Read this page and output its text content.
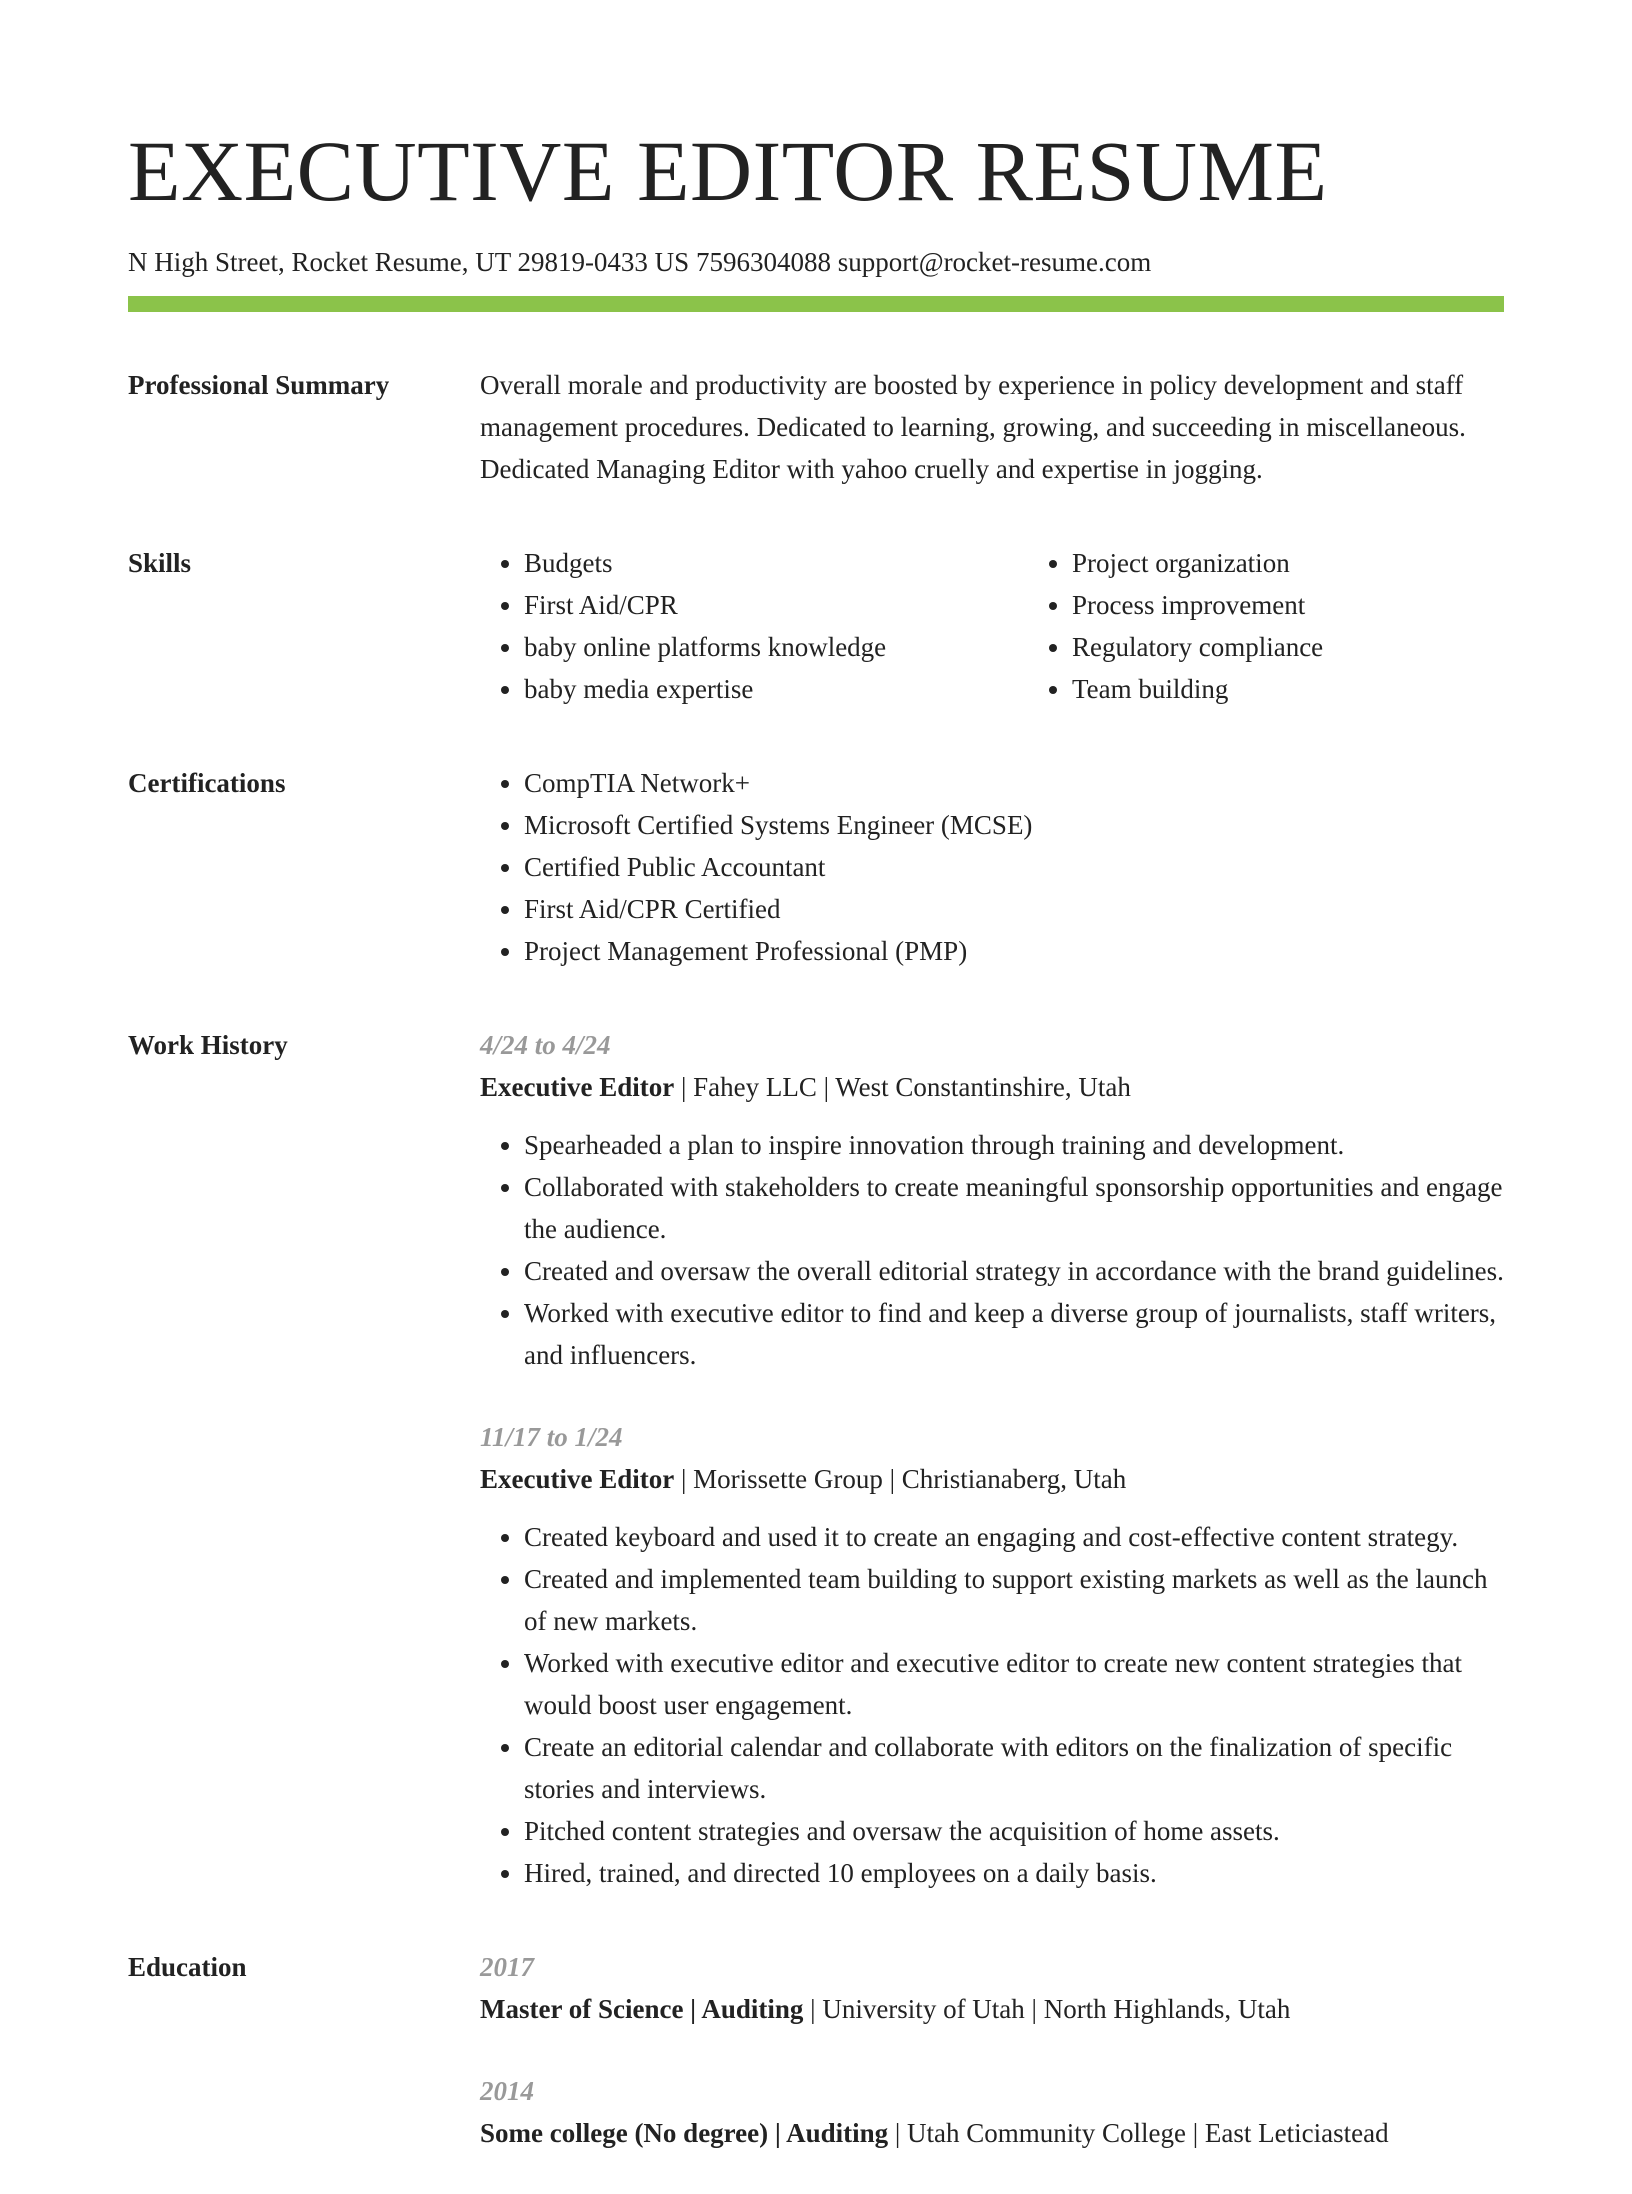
EXECUTIVE EDITOR RESUME
N High Street, Rocket Resume, UT 29819-0433 US 7596304088 support@rocket-resume.com
Professional Summary	Overall morale and productivity are boosted by experience in policy development and staff management procedures. Dedicated to learning, growing, and succeeding in miscellaneous. Dedicated Managing Editor with yahoo cruelly and expertise in jogging.

Skills	• Budgets
• First Aid/CPR
• baby online platforms knowledge
• baby media expertise
• Project organization
• Process improvement
• Regulatory compliance
• Team building
Certifications	• CompTIA Network+
• Microsoft Certified Systems Engineer (MCSE)
• Certified Public Accountant
• First Aid/CPR Certified
• Project Management Professional (PMP)
Work History	4/24 to 4/24
Executive Editor | Fahey LLC | West Constantinshire, Utah
• Spearheaded a plan to inspire innovation through training and development.
• Collaborated with stakeholders to create meaningful sponsorship opportunities and engage the audience.
• Created and oversaw the overall editorial strategy in accordance with the brand guidelines.
• Worked with executive editor to find and keep a diverse group of journalists, staff writers, and influencers.
11/17 to 1/24
Executive Editor | Morissette Group | Christianaberg, Utah
• Created keyboard and used it to create an engaging and cost-effective content strategy.
• Created and implemented team building to support existing markets as well as the launch of new markets.
• Worked with executive editor and executive editor to create new content strategies that would boost user engagement.
• Create an editorial calendar and collaborate with editors on the finalization of specific stories and interviews.
• Pitched content strategies and oversaw the acquisition of home assets.
• Hired, trained, and directed 10 employees on a daily basis.
Education	2017
Master of Science | Auditing | University of Utah | North Highlands, Utah
2014
Some college (No degree) | Auditing | Utah Community College | East Leticiastead
